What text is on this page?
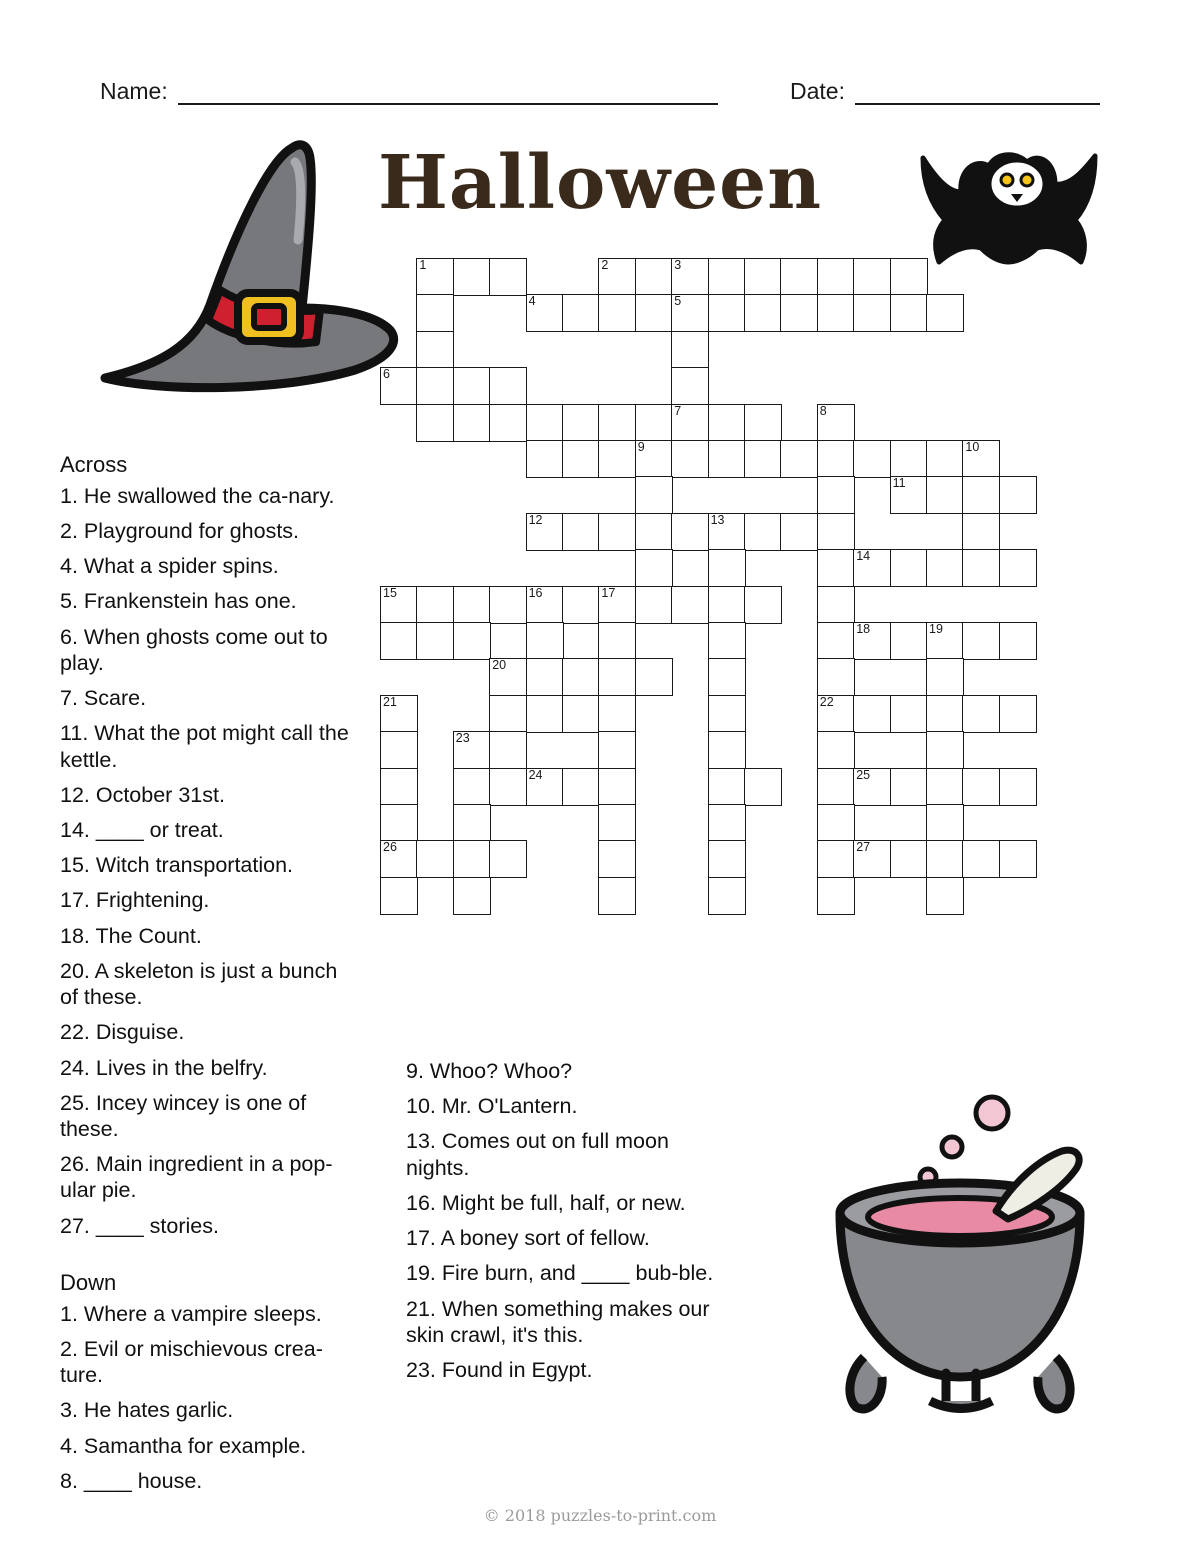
Name:	Date:
Halloween

Across

1. He swallowed the ca-nary.

2. Playground for ghosts.

4. What a spider spins.

5. Frankenstein has one.

6. When ghosts come out to play.

7. Scare.

11. What the pot might call the kettle.

12. October 31st.

14. ____ or treat.

15. Witch transportation.

17. Frightening.

18. The Count.

20. A skeleton is just a bunch of these.

22. Disguise.

24. Lives in the belfry.

25. Incey wincey is one of these.

26. Main ingredient in a pop-ular pie.

27. ____ stories.

Down

1. Where a vampire sleeps.

2. Evil or mischievous crea-ture.

3. He hates garlic.

4. Samantha for example.

8. ____ house.

9. Whoo? Whoo?

10. Mr. O'Lantern.

13. Comes out on full moon nights.

16. Might be full, half, or new.

17. A boney sort of fellow.

19. Fire burn, and ____ bub-ble.

21. When something makes our skin crawl, it's this.

23. Found in Egypt.

1	2	3
4	5
6
7	8
9	10
11
12	13
14
15	16	17
18	19
20
21	22
23
24	25
26	27
© 2018 puzzles-to-print.com
